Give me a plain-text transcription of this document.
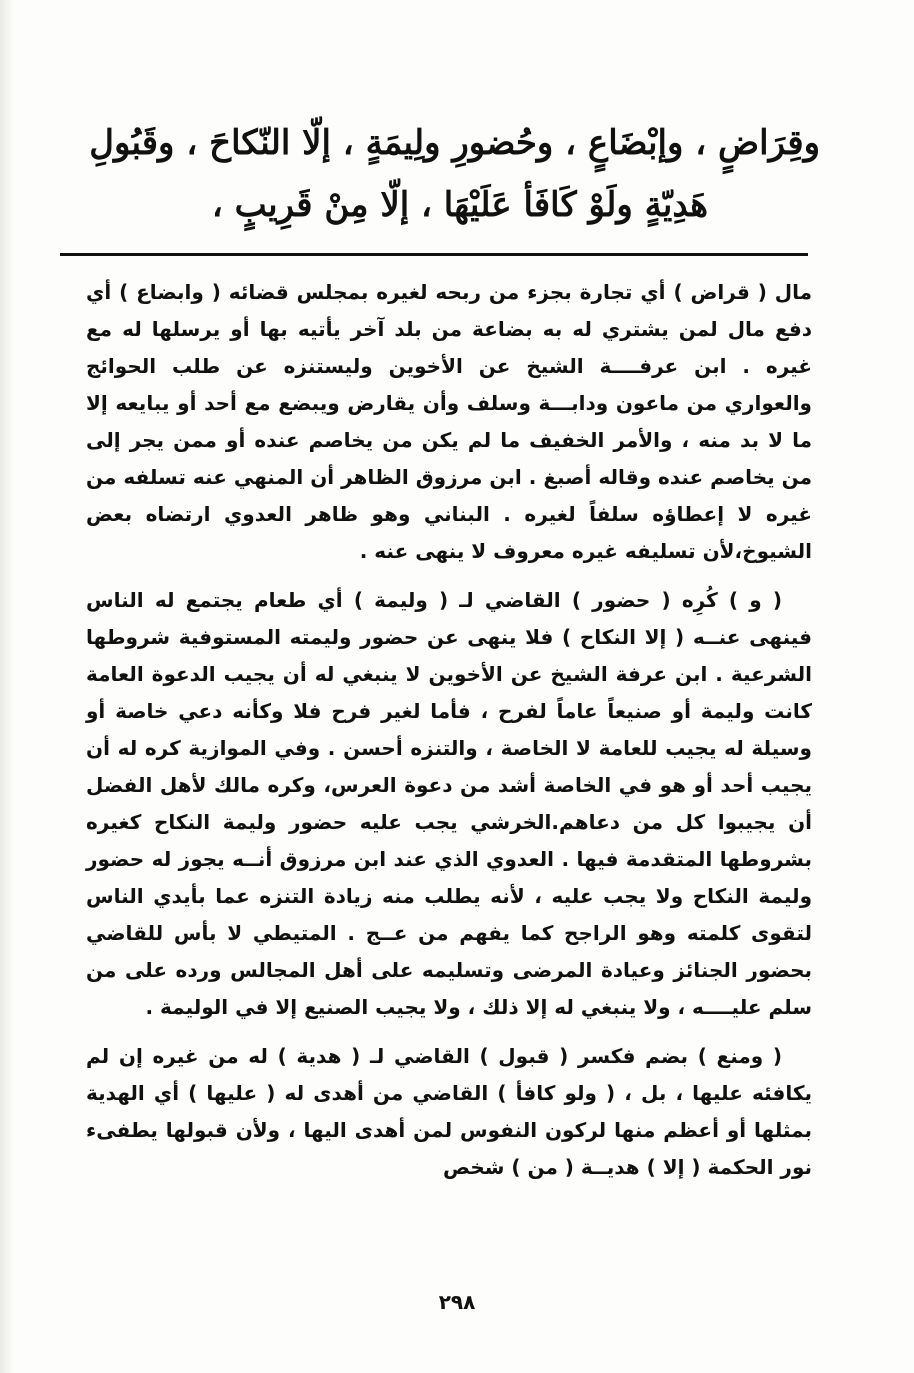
وقِرَاضٍ ، وإبْضَاعٍ ، وحُضورِ ولِيمَةٍ ، إلّا النّكاحَ ، وقَبُولِ
هَدِيّةٍ ولَوْ كَافَأ عَلَيْهَا ، إلّا مِنْ قَرِيبٍ ،

مال ( قراض ) أي تجارة بجزء من ربحه لغيره بمجلس قضائه ( وابضاع ) أي دفع مال لمن يشتري له به بضاعة من بلد آخر يأتيه بها أو يرسلها له مع غيره . ابن عرفــــة الشيخ عن الأخوين وليستنزه عن طلب الحوائج والعواري من ماعون ودابـــة وسلف وأن يقارض ويبضع مع أحد أو يبايعه إلا ما لا بد منه ، والأمر الخفيف ما لم يكن من يخاصم عنده أو ممن يجر إلى من يخاصم عنده وقاله أصبغ . ابن مرزوق الظاهر أن المنهي عنه تسلفه من غيره لا إعطاؤه سلفاً لغيره . البناني وهو ظاهر العدوي ارتضاه بعض الشيوخ،لأن تسليفه غيره معروف لا ينهى عنه .

( و ) كُرِه ( حضور ) القاضي لـ ( وليمة ) أي طعام يجتمع له الناس فينهى عنــه ( إلا النكاح ) فلا ينهى عن حضور وليمته المستوفية شروطها الشرعية . ابن عرفة الشيخ عن الأخوين لا ينبغي له أن يجيب الدعوة العامة كانت وليمة أو صنيعاً عاماً لفرح ، فأما لغير فرح فلا وكأنه دعي خاصة أو وسيلة له يجيب للعامة لا الخاصة ، والتنزه أحسن . وفي الموازية كره له أن يجيب أحد أو هو في الخاصة أشد من دعوة العرس، وكره مالك لأهل الفضل أن يجيبوا كل من دعاهم.الخرشي يجب عليه حضور وليمة النكاح كغيره بشروطها المتقدمة فيها . العدوي الذي عند ابن مرزوق أنــه يجوز له حضور وليمة النكاح ولا يجب عليه ، لأنه يطلب منه زيادة التنزه عما بأيدي الناس لتقوى كلمته وهو الراجح كما يفهم من عــج . المتيطي لا بأس للقاضي بحضور الجنائز وعيادة المرضى وتسليمه على أهل المجالس ورده على من سلم عليــــه ، ولا ينبغي له إلا ذلك ، ولا يجيب الصنيع إلا في الوليمة .

( ومنع ) بضم فكسر ( قبول ) القاضي لـ ( هدية ) له من غيره إن لم يكافئه عليها ، بل ، ( ولو كافأ ) القاضي من أهدى له ( عليها ) أي الهدية بمثلها أو أعظم منها لركون النفوس لمن أهدى اليها ، ولأن قبولها يطفىء نور الحكمة ( إلا ) هديــة ( من ) شخص

٢٩٨
